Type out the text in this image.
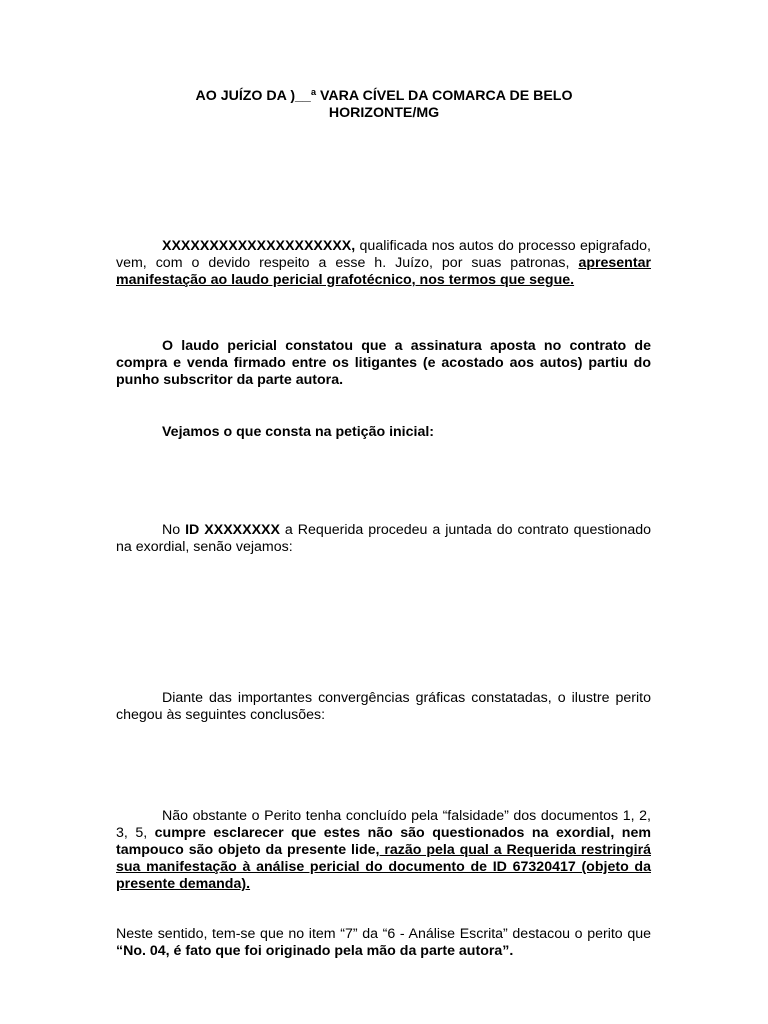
AO JUÍZO DA )__ª VARA CÍVEL DA COMARCA DE BELO
HORIZONTE/MG
XXXXXXXXXXXXXXXXXXXX, qualificada nos autos do processo epigrafado, vem, com o devido respeito a esse h. Juízo, por suas patronas, apresentar manifestação ao laudo pericial grafotécnico, nos termos que segue.
O laudo pericial constatou que a assinatura aposta no contrato de compra e venda firmado entre os litigantes (e acostado aos autos) partiu do punho subscritor da parte autora.
Vejamos o que consta na petição inicial:
No ID XXXXXXXX a Requerida procedeu a juntada do contrato questionado na exordial, senão vejamos:
Diante das importantes convergências gráficas constatadas, o ilustre perito chegou às seguintes conclusões:
Não obstante o Perito tenha concluído pela “falsidade” dos documentos 1, 2, 3, 5, cumpre esclarecer que estes não são questionados na exordial, nem tampouco são objeto da presente lide, razão pela qual a Requerida restringirá sua manifestação à análise pericial do documento de ID 67320417 (objeto da presente demanda).
Neste sentido, tem-se que no item “7” da “6 - Análise Escrita” destacou o perito que “No. 04, é fato que foi originado pela mão da parte autora”.
